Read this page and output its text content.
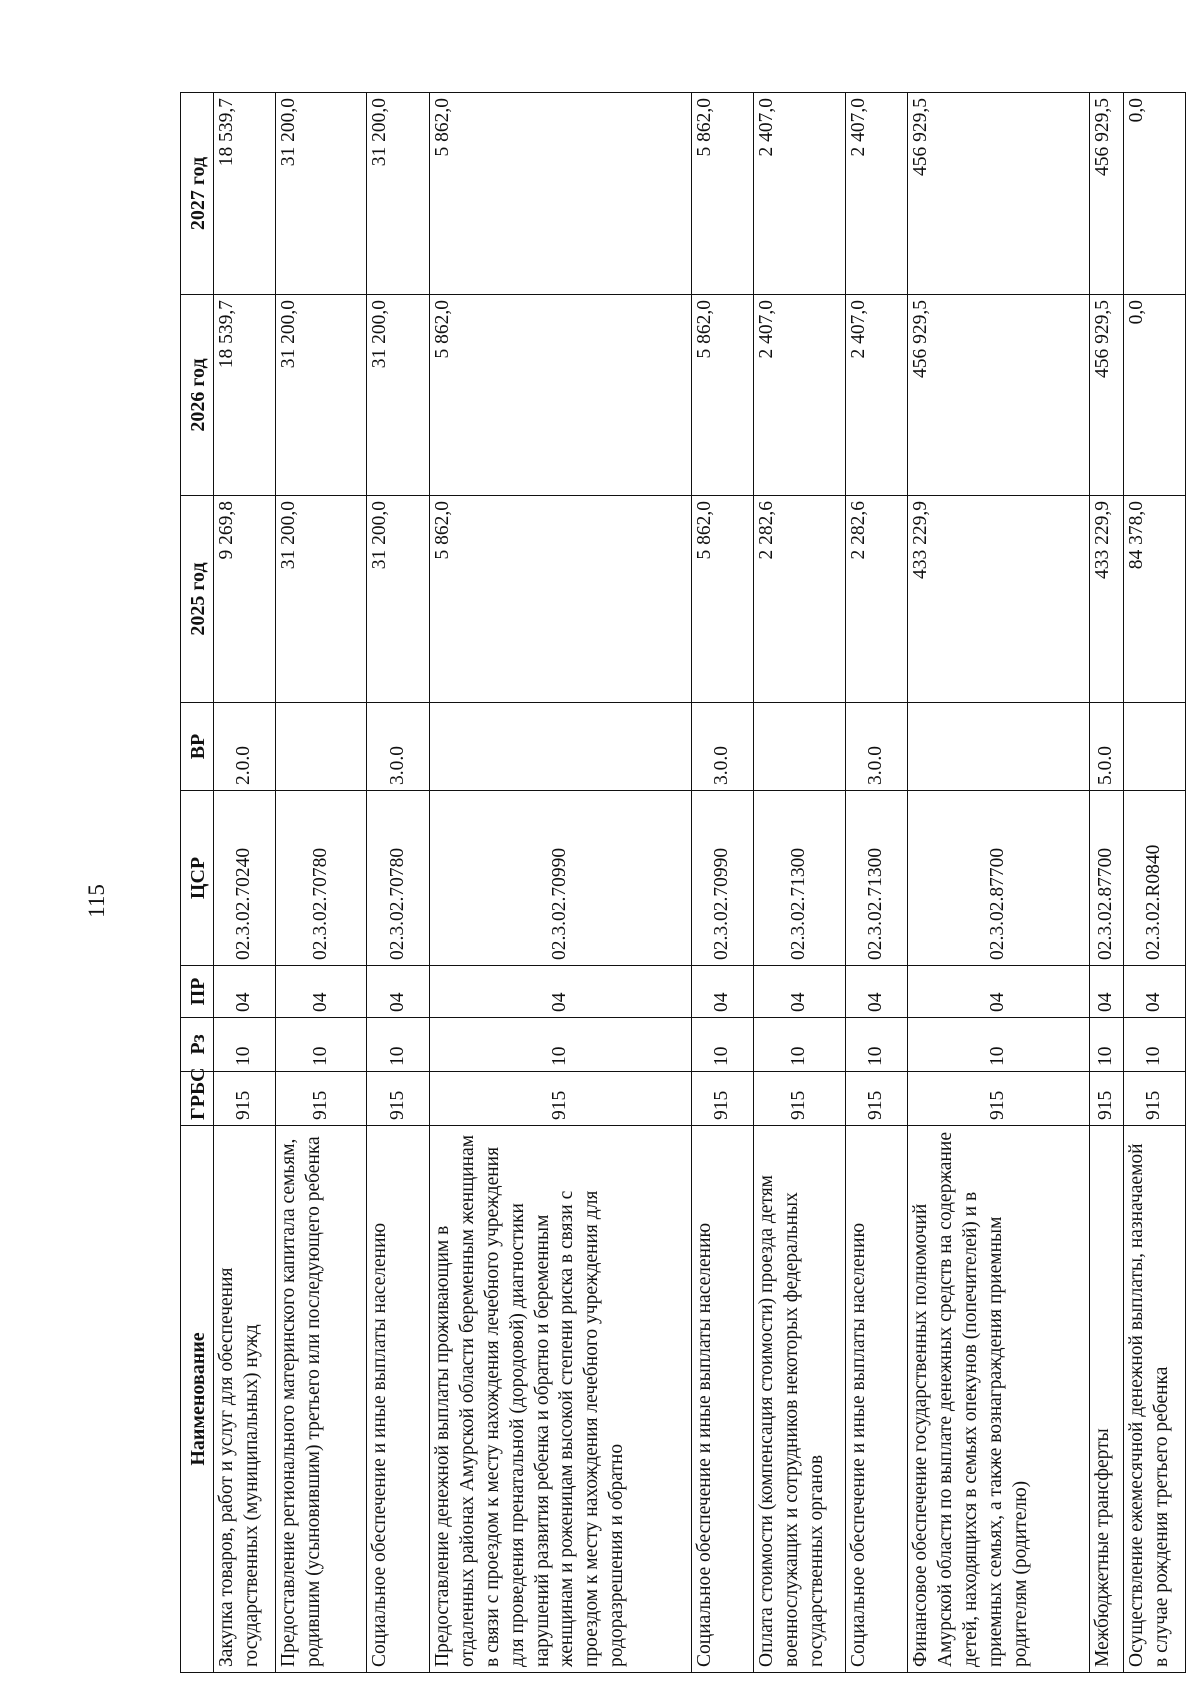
115
Наименование	ГРБС	Рз	ПР	ЦСР	ВР	2025 год	2026 год	2027 год
Закупка товаров, работ и услуг для обеспечения государственных (муниципальных) нужд	915	10	04	02.3.02.70240	2.0.0	9 269,8	18 539,7	18 539,7
Предоставление регионального материнского капитала семьям, родившим (усыновившим) третьего или последующего ребенка	915	10	04	02.3.02.70780		31 200,0	31 200,0	31 200,0
Социальное обеспечение и иные выплаты населению	915	10	04	02.3.02.70780	3.0.0	31 200,0	31 200,0	31 200,0
Предоставление денежной выплаты проживающим в отдаленных районах Амурской области беременным женщинам в связи с проездом к месту нахождения лечебного учреждения для проведения пренатальной (дородовой) диагностики нарушений развития ребенка и обратно и беременным женщинам и роженицам высокой степени риска в связи с проездом к месту нахождения лечебного учреждения для родоразрешения и обратно	915	10	04	02.3.02.70990		5 862,0	5 862,0	5 862,0
Социальное обеспечение и иные выплаты населению	915	10	04	02.3.02.70990	3.0.0	5 862,0	5 862,0	5 862,0
Оплата стоимости (компенсация стоимости) проезда детям военнослужащих и сотрудников некоторых федеральных государственных органов	915	10	04	02.3.02.71300		2 282,6	2 407,0	2 407,0
Социальное обеспечение и иные выплаты населению	915	10	04	02.3.02.71300	3.0.0	2 282,6	2 407,0	2 407,0
Финансовое обеспечение государственных полномочий Амурской области по выплате денежных средств на содержание детей, находящихся в семьях опекунов (попечителей) и в приемных семьях, а также вознаграждения приемным родителям (родителю)	915	10	04	02.3.02.87700		433 229,9	456 929,5	456 929,5
Межбюджетные трансферты	915	10	04	02.3.02.87700	5.0.0	433 229,9	456 929,5	456 929,5
Осуществление ежемесячной денежной выплаты, назначаемой в случае рождения третьего ребенка	915	10	04	02.3.02.R0840		84 378,0	0,0	0,0
